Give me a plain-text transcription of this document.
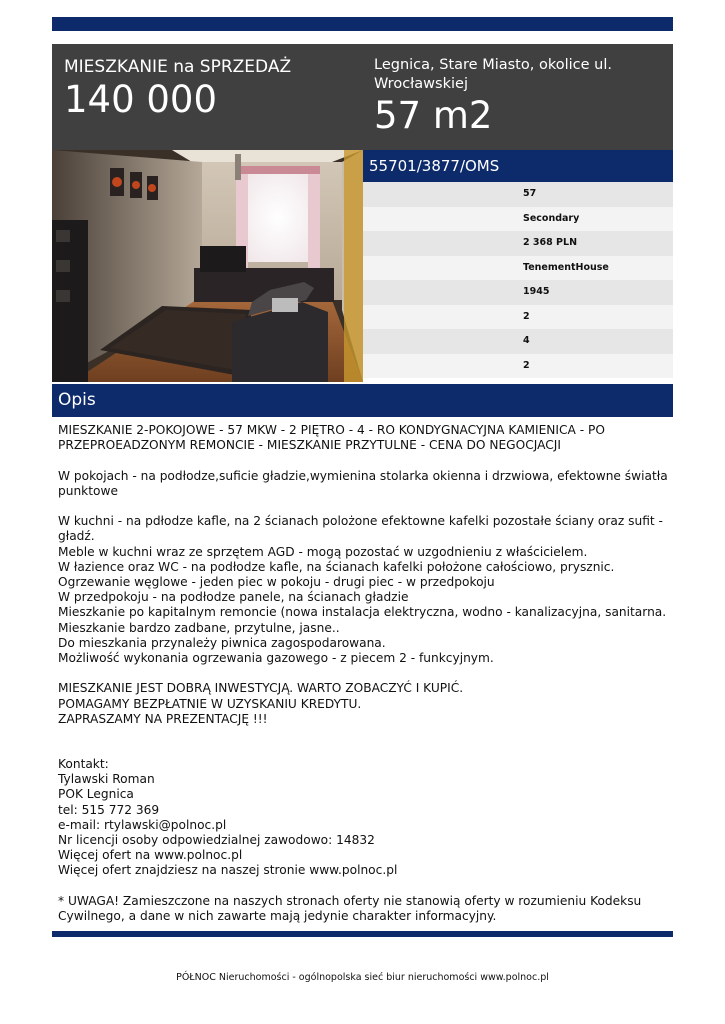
MIESZKANIE na SPRZEDAŻ
140 000
Legnica, Stare Miasto, okolice ul. Wrocławskiej
57 m2
55701/3877/OMS
57
Secondary
2 368 PLN
TenementHouse
1945
2
4
2
Opis

MIESZKANIE 2-POKOJOWE - 57 MKW - 2 PIĘTRO - 4 - RO KONDYGNACYJNA KAMIENICA - PO PRZEPROEADZONYM REMONCIE - MIESZKANIE PRZYTULNE - CENA DO NEGOCJACJI

W pokojach - na podłodze,suficie gładzie,wymienina stolarka okienna i drzwiowa, efektowne światła punktowe

W kuchni - na pdłodze kafle, na 2 ścianach polożone efektowne kafelki pozostałe ściany oraz sufit - gładź.
Meble w kuchni wraz ze sprzętem AGD - mogą pozostać w uzgodnieniu z właścicielem.
W łazience oraz WC - na podłodze kafle, na ścianach kafelki położone całościowo, prysznic.
Ogrzewanie węglowe - jeden piec w pokoju - drugi piec - w przedpokoju
W przedpokoju - na podłodze panele, na ścianach gładzie
Mieszkanie po kapitalnym remoncie (nowa instalacja elektryczna, wodno - kanalizacyjna, sanitarna.
Mieszkanie bardzo zadbane, przytulne, jasne..
Do mieszkania przynależy piwnica zagospodarowana.
Możliwość wykonania ogrzewania gazowego - z piecem 2 - funkcyjnym.

MIESZKANIE JEST DOBRĄ INWESTYCJĄ. WARTO ZOBACZYĆ I KUPIĆ.
POMAGAMY BEZPŁATNIE W UZYSKANIU KREDYTU.
ZAPRASZAMY NA PREZENTACJĘ !!!

Kontakt:
Tylawski Roman
POK Legnica
tel: 515 772 369
e-mail: rtylawski@polnoc.pl
Nr licencji osoby odpowiedzialnej zawodowo: 14832
Więcej ofert na www.polnoc.pl
Więcej ofert znajdziesz na naszej stronie www.polnoc.pl

* UWAGA! Zamieszczone na naszych stronach oferty nie stanowią oferty w rozumieniu Kodeksu Cywilnego, a dane w nich zawarte mają jedynie charakter informacyjny.

PÓŁNOC Nieruchomości - ogólnopolska sieć biur nieruchomości www.polnoc.pl
